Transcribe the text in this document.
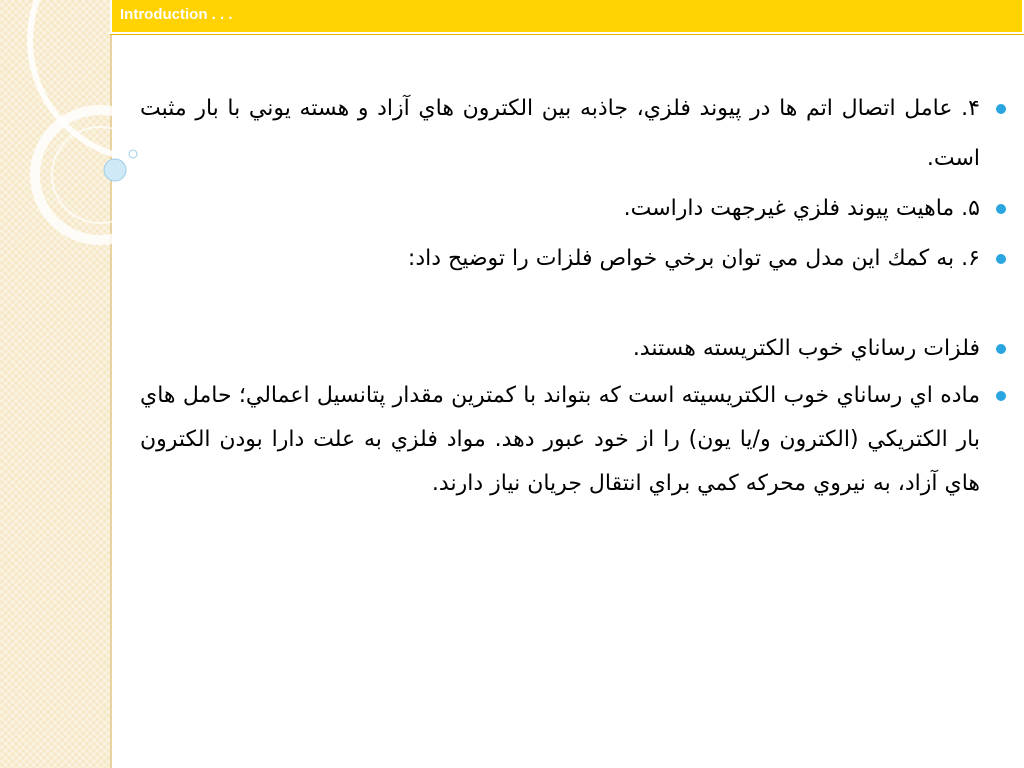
Introduction . . .
۴. عامل اتصال اتم ها در پيوند فلزي، جاذبه بين الكترون هاي آزاد و هسته يوني با بار مثبت است.
۵. ماهيت پيوند فلزي غيرجهت داراست.
۶. به كمك اين مدل مي توان برخي خواص فلزات را توضيح داد:
فلزات رساناي خوب الكتريسته هستند.
ماده اي رساناي خوب الكتريسيته است كه بتواند با كمترين مقدار پتانسيل اعمالي؛ حامل هاي بار الكتريكي (الكترون و/يا يون) را از خود عبور دهد. مواد فلزي به علت دارا بودن الكترون هاي آزاد، به نيروي محركه كمي براي انتقال جريان نياز دارند.
